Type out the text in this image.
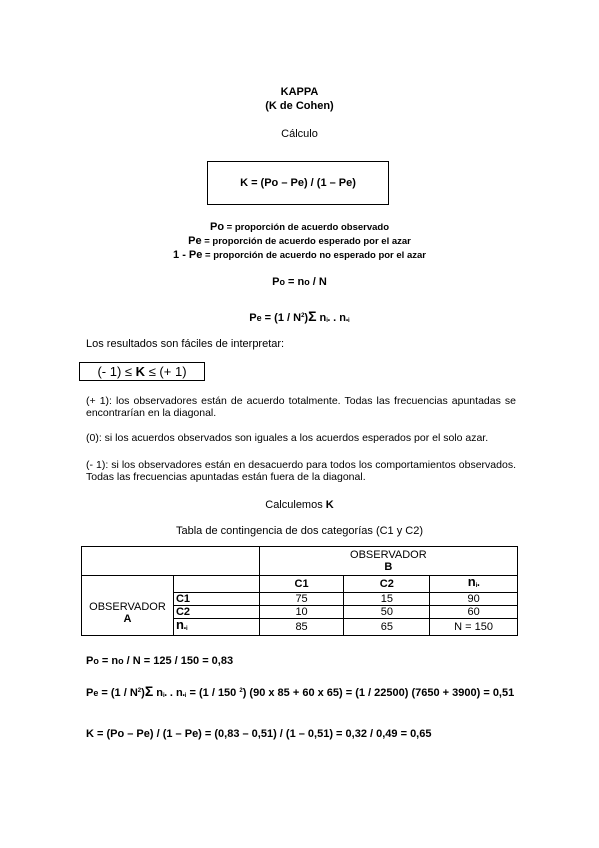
KAPPA
(K de Cohen)
Cálculo
K = (Po – Pe) / (1 – Pe)
Po = proporción de acuerdo observado
Pe = proporción de acuerdo esperado por el azar
1 - Pe = proporción de acuerdo no esperado por el azar
Po = no / N
$Pe = (1 / N^2)\Sigma$ ni• . n•i
Los resultados son fáciles de interpretar:
(- 1) ≤
K
≤ (+ 1)
(+ 1): los observadores están de acuerdo totalmente. Todas las frecuencias apuntadas se encontrarían en la diagonal.
(0): si los acuerdos observados son iguales a los acuerdos esperados por el solo azar.
(- 1): si los observadores están en desacuerdo para todos los comportamientos observados. Todas las frecuencias apuntadas están fuera de la diagonal.
Calculemos K
Tabla de contingencia de dos categorías (C1 y C2)

		OBSERVADOR
B		

OBSERVADOR
A		C1	C2	ni•
	C1	75	15	90
	C2	10	50	60
	n•i	85	65	N = 150
Po = no / N = 125 / 150 = 0,83
$Pe = (1 / N^2)\Sigma$ ni• . n•i = (1 / 150 $^2$) (90 x 85 + 60 x 65) = (1 / 22500) (7650 + 3900) = 0,51
K = (Po – Pe) / (1 – Pe) = (0,83 – 0,51) / (1 – 0,51) = 0,32 / 0,49 = 0,65
